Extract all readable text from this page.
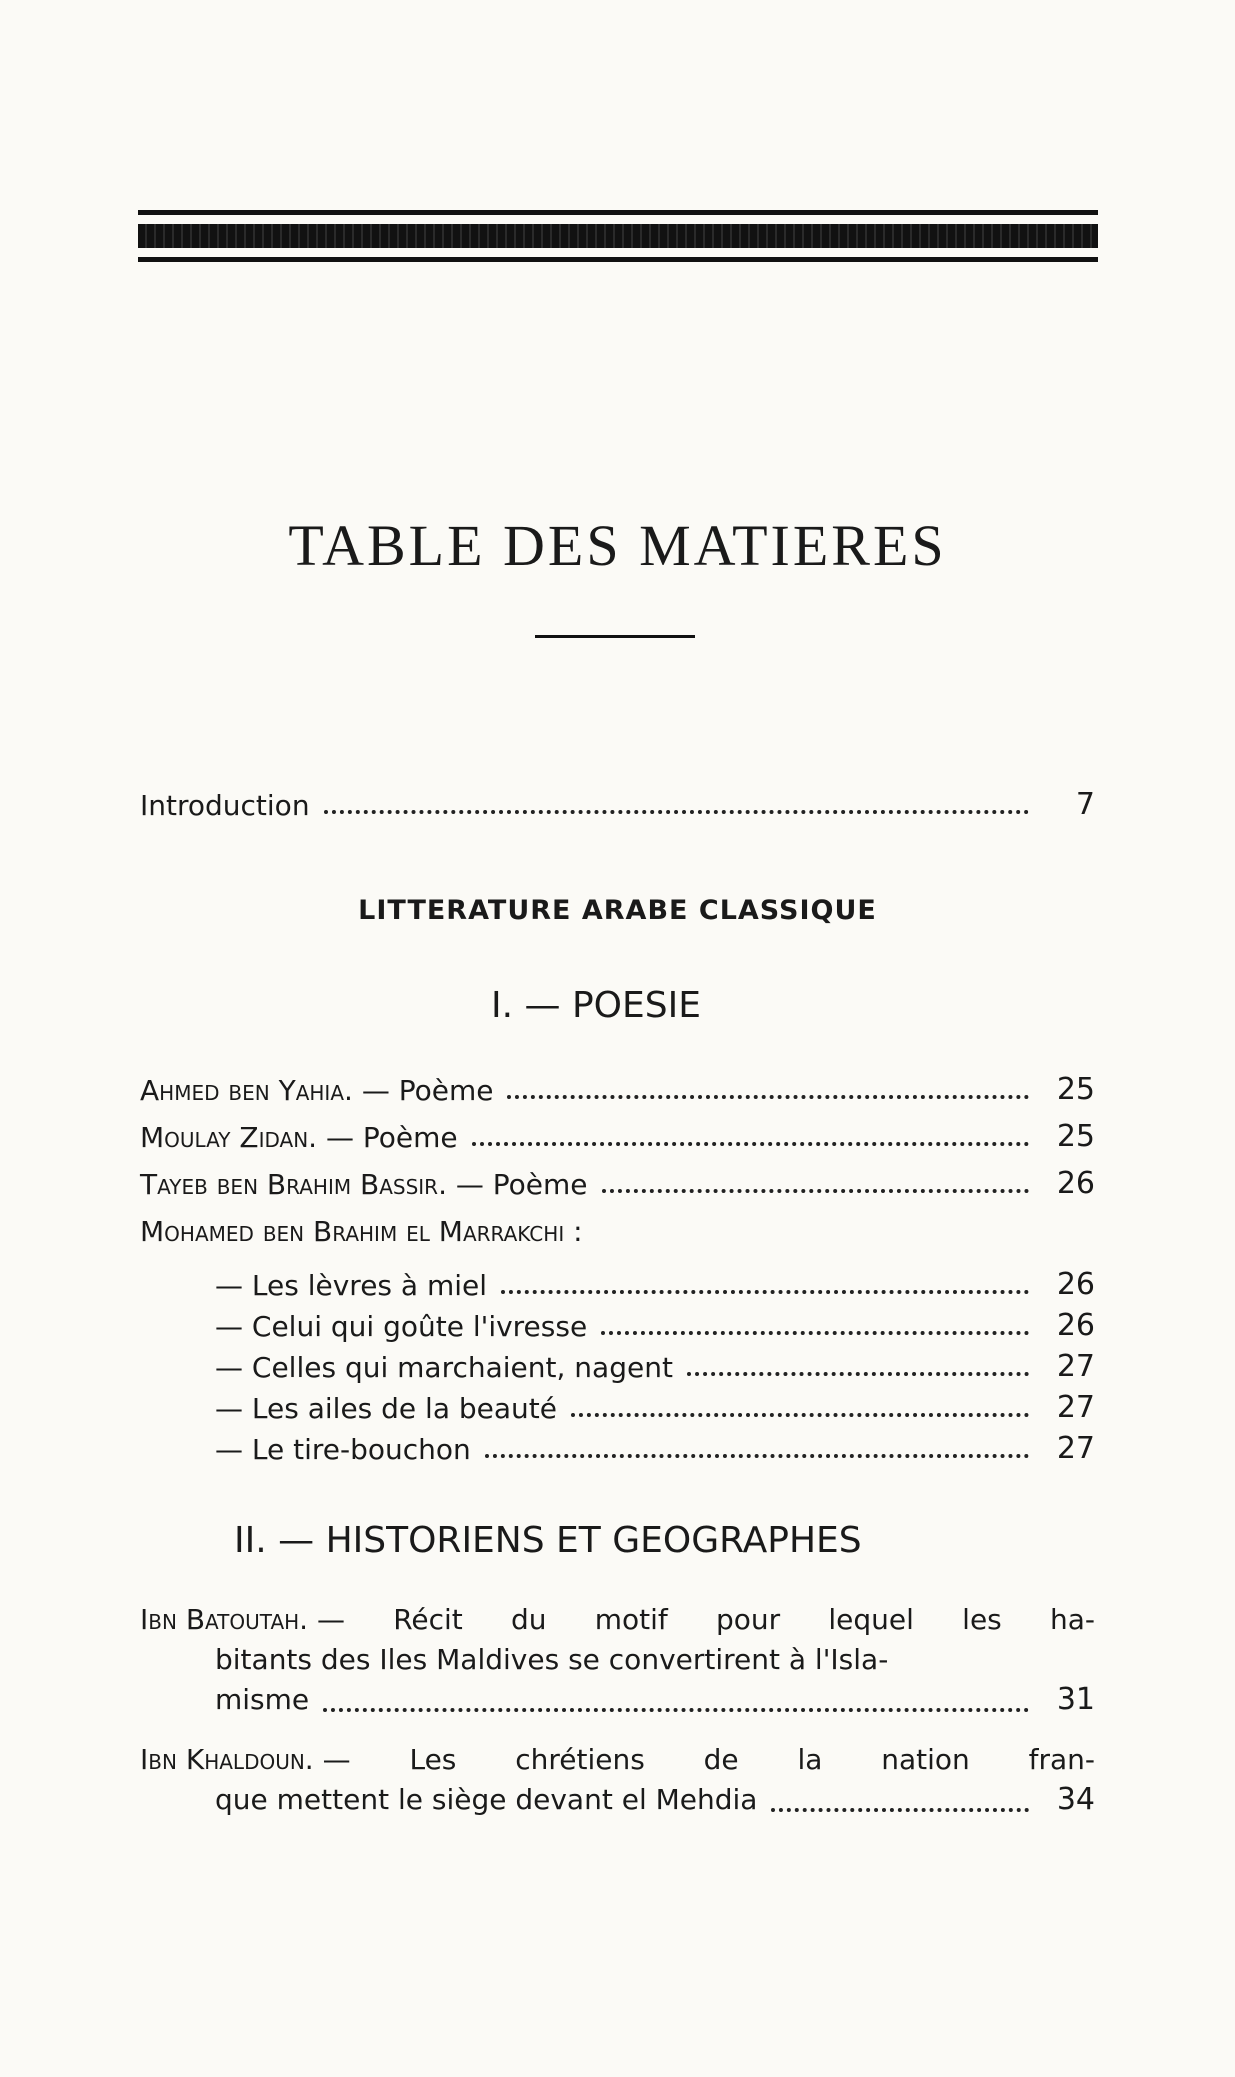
TABLE DES MATIERES
Introduction	7
LITTERATURE ARABE CLASSIQUE
I. — POESIE
Ahmed ben Yahia. — Poème	25
Moulay Zidan. — Poème	25
Tayeb ben Brahim Bassir. — Poème	26
Mohamed ben Brahim el Marrakchi :
— Les lèvres à miel	26
— Celui qui goûte l'ivresse	26
— Celles qui marchaient, nagent	27
— Les ailes de la beauté	27
— Le tire-bouchon	27
II. — HISTORIENS ET GEOGRAPHES
Ibn Batoutah.
— Récit du motif pour lequel les ha-
bitants des Iles Maldives se convertirent à l'Isla-
misme	31
Ibn Khaldoun.
— Les chrétiens de la nation fran-
que mettent le siège devant el Mehdia	34
